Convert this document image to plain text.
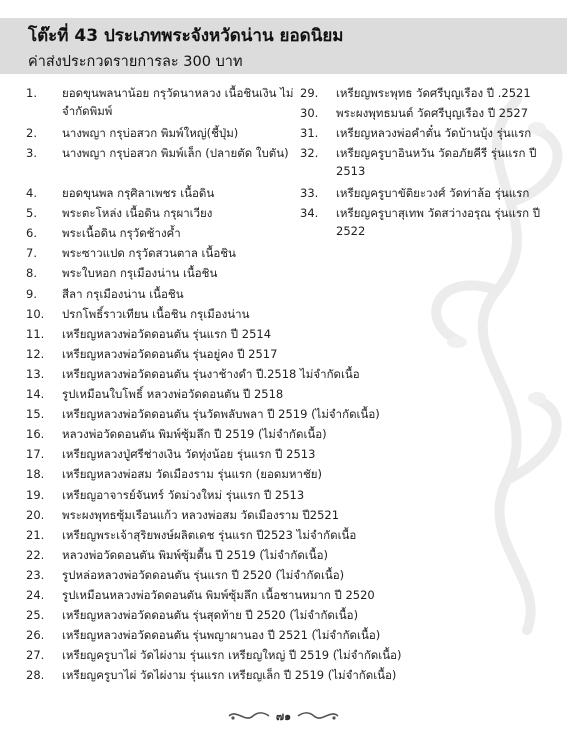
โต๊ะที่ 43 ประเภทพระจังหวัดน่าน ยอดนิยม
ค่าส่งประกวดรายการละ 300 บาท
1.	ยอดขุนพลนาน้อย กรุวัดนาหลวง เนื้อชินเงิน ไม่จำกัดพิมพ์
2.	นางพญา กรุบ่อสวก พิมพ์ใหญ่(ชี้ปุ่ม)
3.	นางพญา กรุบ่อสวก พิมพ์เล็ก (ปลายตัด ใบตัน)
4.	ยอดขุนพล กรุศิลาเพชร เนื้อดิน
5.	พระตะโหล่ง เนื้อดิน กรุผาเวียง
6.	พระเนื้อดิน กรุวัดช้างค้ำ
7.	พระซาวแปด กรุวัดสวนตาล เนื้อชิน
8.	พระใบหอก กรุเมืองน่าน เนื้อชิน
9.	สีลา กรุเมืองน่าน เนื้อชิน
10.	ปรกโพธิ์ราวเทียน เนื้อชิน กรุเมืองน่าน
11.	เหรียญหลวงพ่อวัดดอนตัน รุ่นแรก ปี 2514
12.	เหรียญหลวงพ่อวัดดอนตัน รุ่นอยู่คง ปี 2517
13.	เหรียญหลวงพ่อวัดดอนตัน รุ่นงาช้างดำ ปี.2518 ไม่จำกัดเนื้อ
14.	รูปเหมือนใบโพธิ์ หลวงพ่อวัดดอนตัน ปี 2518
15.	เหรียญหลวงพ่อวัดดอนตัน รุ่นวัดพลับพลา ปี 2519 (ไม่จำกัดเนื้อ)
16.	หลวงพ่อวัดดอนตัน พิมพ์ซุ้มลึก ปี 2519 (ไม่จำกัดเนื้อ)
17.	เหรียญหลวงปู่ศรีช่างเงิน วัดทุ่งน้อย รุ่นแรก ปี 2513
18.	เหรียญหลวงพ่อสม วัดเมืองราม รุ่นแรก (ยอดมหาชัย)
19.	เหรียญอาจารย์จันทร์ วัดม่วงใหม่ รุ่นแรก ปี 2513
20.	พระผงพุทธซุ้มเรือนแก้ว หลวงพ่อสม วัดเมืองราม ปี2521
21.	เหรียญพระเจ้าสุริยพงษ์ผลิตเดช รุ่นแรก ปี2523 ไม่จำกัดเนื้อ
22.	หลวงพ่อวัดดอนตัน พิมพ์ซุ้มตื้น ปี 2519 (ไม่จำกัดเนื้อ)
23.	รูปหล่อหลวงพ่อวัดดอนตัน รุ่นแรก ปี 2520 (ไม่จำกัดเนื้อ)
24.	รูปเหมือนหลวงพ่อวัดดอนตัน พิมพ์ซุ้มลึก เนื้อชานหมาก ปี 2520
25.	เหรียญหลวงพ่อวัดดอนตัน รุ่นสุดท้าย ปี 2520 (ไม่จำกัดเนื้อ)
26.	เหรียญหลวงพ่อวัดดอนตัน รุ่นพญาผานอง ปี 2521 (ไม่จำกัดเนื้อ)
27.	เหรียญครูบาไผ่ วัดไผ่งาม รุ่นแรก เหรียญใหญ่ ปี 2519 (ไม่จำกัดเนื้อ)
28.	เหรียญครูบาไผ่ วัดไผ่งาม รุ่นแรก เหรียญเล็ก ปี 2519 (ไม่จำกัดเนื้อ)
29.	เหรียญพระพุทธ วัดศรีบุญเรือง ปี .2521
30.	พระผงพุทธมนต์ วัดศรีบุญเรือง ปี 2527
31.	เหรียญหลวงพ่อคำตั๋น วัดบ้านบุ้ง รุ่นแรก
32.	เหรียญครูบาอินหวัน วัดอภัยคีรี รุ่นแรก ปี 2513
33.	เหรียญครูบาขัติยะวงศ์ วัดท่าล้อ รุ่นแรก
34.	เหรียญครูบาสุเทพ วัดสว่างอรุณ รุ่นแรก ปี 2522
๗๑
